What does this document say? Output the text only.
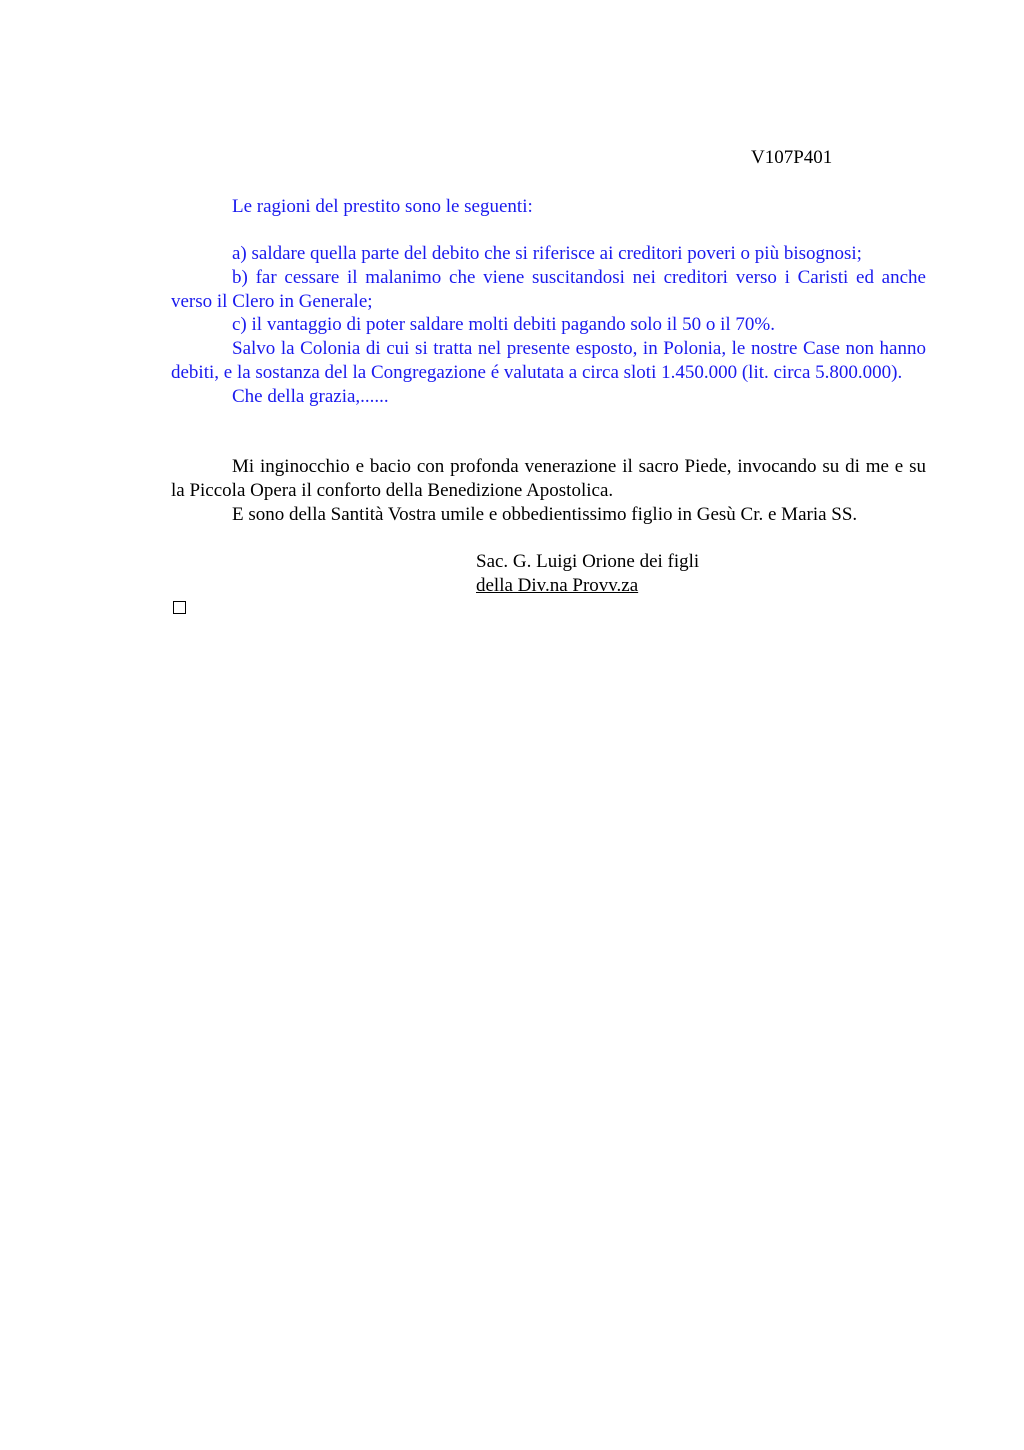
V107P401

Le ragioni del prestito sono le seguenti:

a) saldare quella parte del debito che si riferisce ai creditori poveri o più bisognosi;

b) far cessare il malanimo che viene suscitandosi nei creditori verso i Caristi ed anche verso il Clero in Generale;

c) il vantaggio di poter saldare molti debiti pagando solo il 50 o il 70%.

Salvo la Colonia di cui si tratta nel presente esposto, in Polonia, le nostre Case non hanno debiti, e la sostanza del la Congregazione é valutata a circa sloti 1.450.000 (lit. circa 5.800.000).

Che della grazia,......

Mi inginocchio e bacio con profonda venerazione il sacro Piede, invocando su di me e su la Piccola Opera il conforto della Benedizione Apostolica.

E sono della Santità Vostra umile e obbedientissimo figlio in Gesù Cr. e Maria SS.

Sac. G. Luigi Orione dei figli
della Div.na Provv.za
